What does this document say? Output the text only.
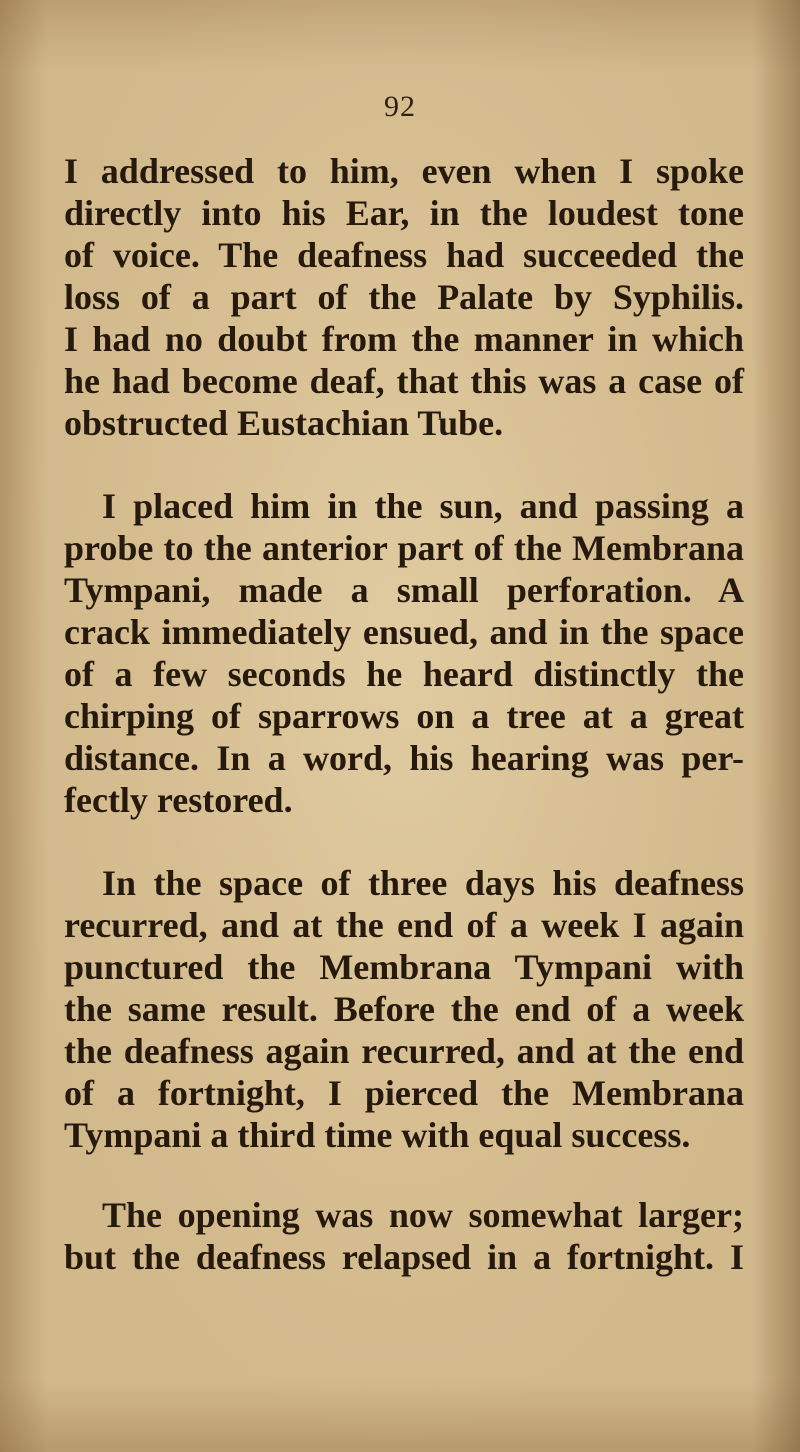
92
I addressed to him, even when I spoke
directly into his Ear, in the loudest tone
of voice. The deafness had succeeded the
loss of a part of the Palate by Syphilis.
I had no doubt from the manner in which
he had become deaf, that this was a case of
obstructed Eustachian Tube.
I placed him in the sun, and passing a
probe to the anterior part of the Membrana
Tympani, made a small perforation. A
crack immediately ensued, and in the space
of a few seconds he heard distinctly the
chirping of sparrows on a tree at a great
distance. In a word, his hearing was per-
fectly restored.
In the space of three days his deafness
recurred, and at the end of a week I again
punctured the Membrana Tympani with
the same result. Before the end of a week
the deafness again recurred, and at the end
of a fortnight, I pierced the Membrana
Tympani a third time with equal success.
The opening was now somewhat larger;
but the deafness relapsed in a fortnight. I
